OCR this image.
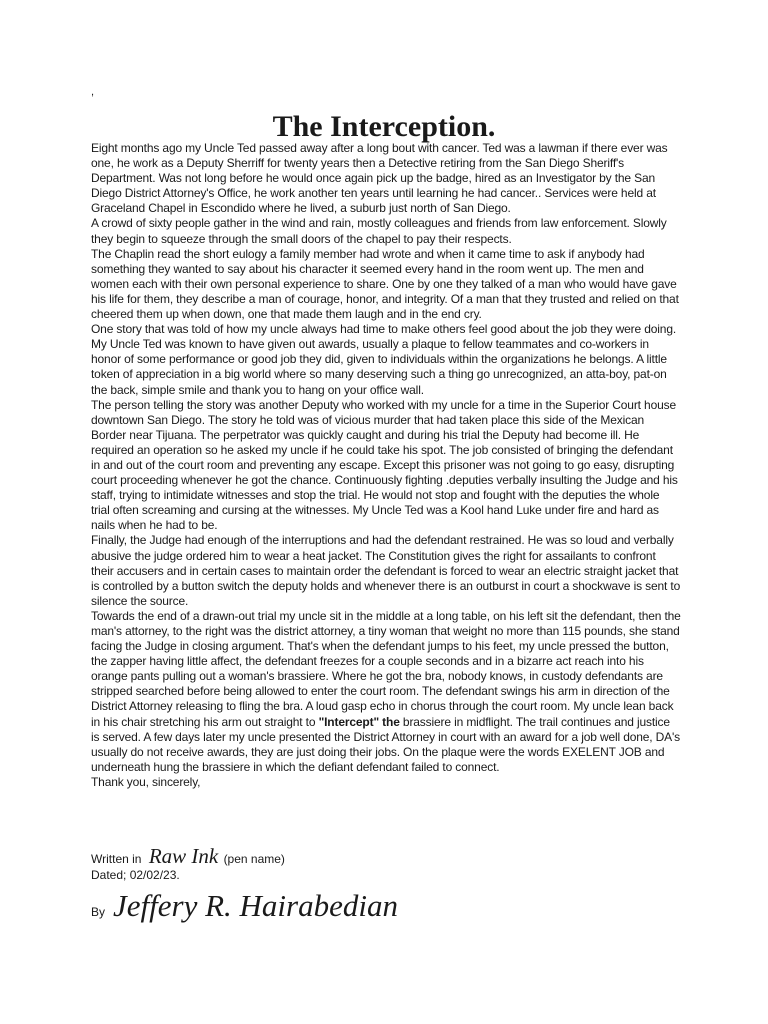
,
The Interception.

Eight months ago my Uncle Ted passed away after a long bout with cancer. Ted was a lawman if there ever was one, he work as a Deputy Sherriff for twenty years then a Detective retiring from the San Diego Sheriff's Department. Was not long before he would once again pick up the badge, hired as an Investigator by the San Diego District Attorney's Office, he work another ten years until learning he had cancer.. Services were held at Graceland Chapel in Escondido where he lived, a suburb just north of San Diego.

A crowd of sixty people gather in the wind and rain, mostly colleagues and friends from law enforcement. Slowly they begin to squeeze through the small doors of the chapel to pay their respects.

The Chaplin read the short eulogy a family member had wrote and when it came time to ask if anybody had something they wanted to say about his character it seemed every hand in the room went up. The men and women each with their own personal experience to share. One by one they talked of a man who would have gave his life for them, they describe a man of courage, honor, and integrity. Of a man that they trusted and relied on that cheered them up when down, one that made them laugh and in the end cry.

One story that was told of how my uncle always had time to make others feel good about the job they were doing. My Uncle Ted was known to have given out awards, usually a plaque to fellow teammates and co-workers in honor of some performance or good job they did, given to individuals within the organizations he belongs. A little token of appreciation in a big world where so many deserving such a thing go unrecognized, an atta-boy, pat-on the back, simple smile and thank you to hang on your office wall.

The person telling the story was another Deputy who worked with my uncle for a time in the Superior Court house downtown San Diego. The story he told was of vicious murder that had taken place this side of the Mexican Border near Tijuana. The perpetrator was quickly caught and during his trial the Deputy had become ill. He required an operation so he asked my uncle if he could take his spot. The job consisted of bringing the defendant in and out of the court room and preventing any escape. Except this prisoner was not going to go easy, disrupting court proceeding whenever he got the chance. Continuously fighting .deputies verbally insulting the Judge and his staff, trying to intimidate witnesses and stop the trial. He would not stop and fought with the deputies the whole trial often screaming and cursing at the witnesses. My Uncle Ted was a Kool hand Luke under fire and hard as nails when he had to be.

Finally, the Judge had enough of the interruptions and had the defendant restrained. He was so loud and verbally abusive the judge ordered him to wear a heat jacket. The Constitution gives the right for assailants to confront their accusers and in certain cases to maintain order the defendant is forced to wear an electric straight jacket that is controlled by a button switch the deputy holds and whenever there is an outburst in court a shockwave is sent to silence the source.

Towards the end of a drawn-out trial my uncle sit in the middle at a long table, on his left sit the defendant, then the man's attorney, to the right was the district attorney, a tiny woman that weight no more than 115 pounds, she stand facing the Judge in closing argument. That's when the defendant jumps to his feet, my uncle pressed the button, the zapper having little affect, the defendant freezes for a couple seconds and in a bizarre act reach into his orange pants pulling out a woman's brassiere. Where he got the bra, nobody knows, in custody defendants are stripped searched before being allowed to enter the court room. The defendant swings his arm in direction of the District Attorney releasing to fling the bra. A loud gasp echo in chorus through the court room. My uncle lean back in his chair stretching his arm out straight to "Intercept" the brassiere in midflight. The trail continues and justice is served. A few days later my uncle presented the District Attorney in court with an award for a job well done, DA's usually do not receive awards, they are just doing their jobs. On the plaque were the words EXELENT JOB and underneath hung the brassiere in which the defiant defendant failed to connect.

Thank you, sincerely,

Written in Raw Ink (pen name)
Dated; 02/02/23.
By Jeffery R. Hairabedian
